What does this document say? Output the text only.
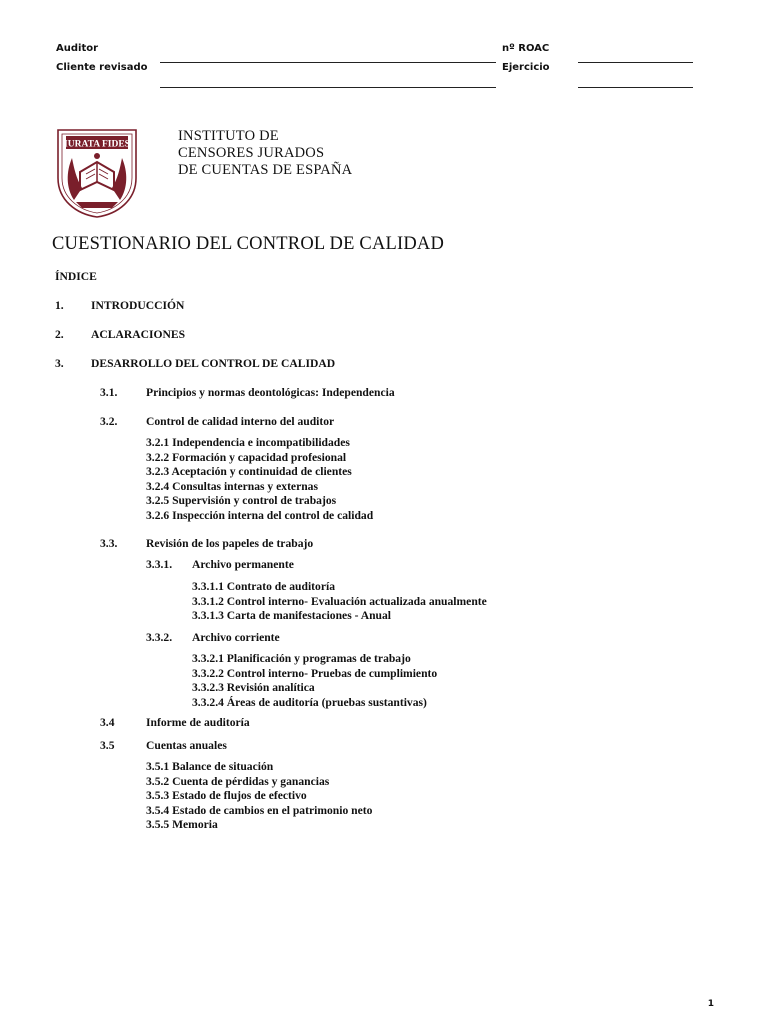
Auditor
Cliente revisado
nº ROAC
Ejercicio
IURATA FIDES
INSTITUTO DE
CENSORES JURADOS
DE CUENTAS DE ESPAÑA
CUESTIONARIO DEL CONTROL DE CALIDAD
ÍNDICE
1. INTRODUCCIÓN
2. ACLARACIONES
3. DESARROLLO DEL CONTROL DE CALIDAD
3.1. Principios y normas deontológicas: Independencia
3.2. Control de calidad interno del auditor
3.2.1 Independencia e incompatibilidades
3.2.2 Formación y capacidad profesional
3.2.3 Aceptación y continuidad de clientes
3.2.4 Consultas internas y externas
3.2.5 Supervisión y control de trabajos
3.2.6 Inspección interna del control de calidad
3.3. Revisión de los papeles de trabajo
3.3.1. Archivo permanente
3.3.1.1 Contrato de auditoría
3.3.1.2 Control interno- Evaluación actualizada anualmente
3.3.1.3 Carta de manifestaciones - Anual
3.3.2. Archivo corriente
3.3.2.1 Planificación y programas de trabajo
3.3.2.2 Control interno- Pruebas de cumplimiento
3.3.2.3 Revisión analítica
3.3.2.4 Áreas de auditoría (pruebas sustantivas)
3.4	Informe de auditoría
3.5	Cuentas anuales
3.5.1 Balance de situación
3.5.2 Cuenta de pérdidas y ganancias
3.5.3 Estado de flujos de efectivo
3.5.4 Estado de cambios en el patrimonio neto
3.5.5 Memoria
1
